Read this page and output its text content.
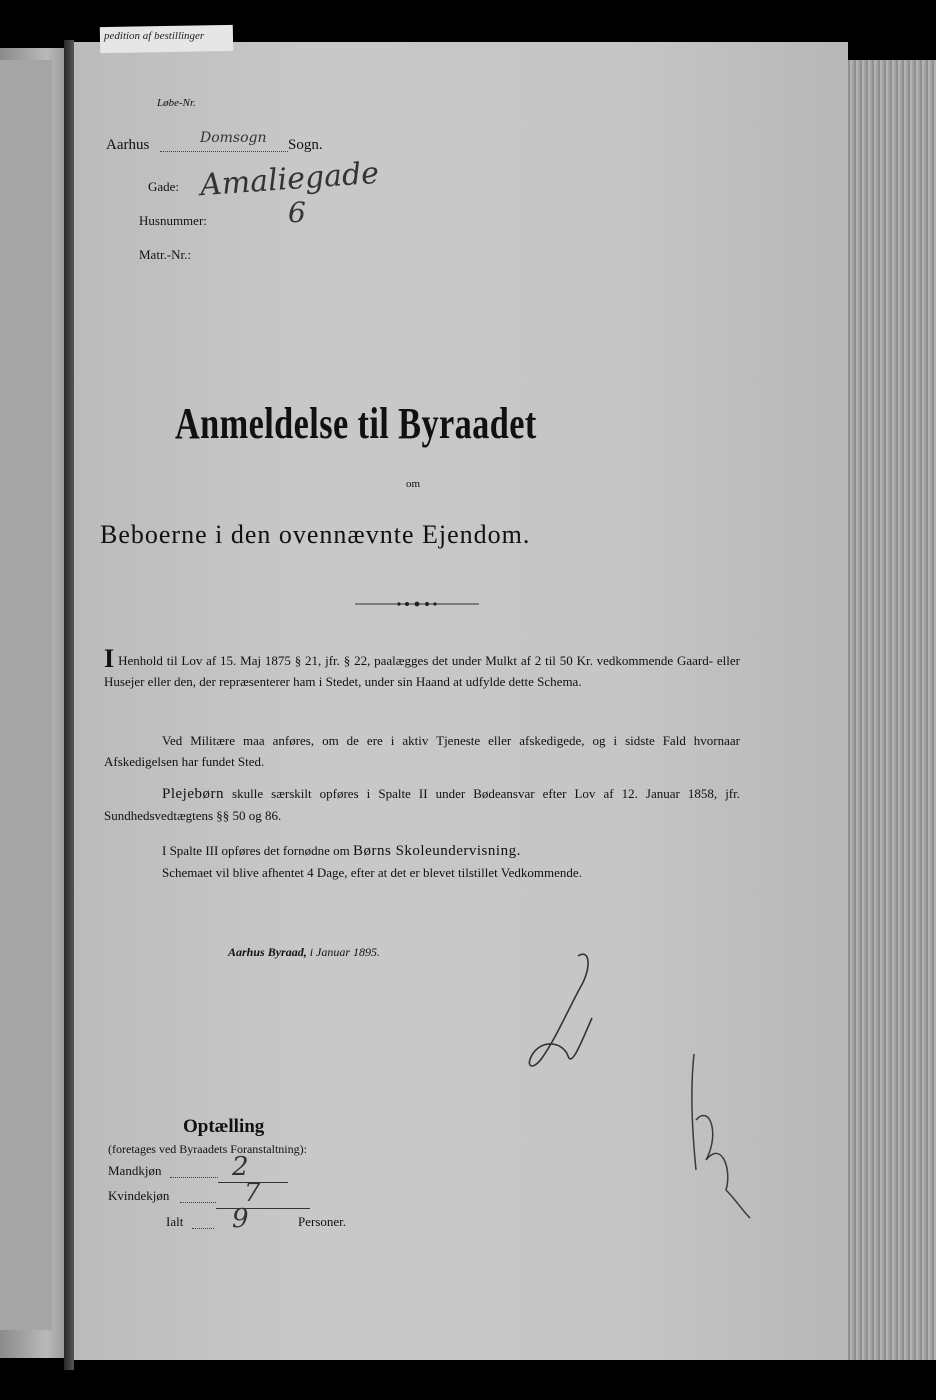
pedition af bestillinger
Løbe-Nr.
Aarhus	Domsogn Sogn.
Gade: Amaliegade
Husnummer:	6
Matr.-Nr.:
Anmeldelse til Byraadet
om
Beboerne i den ovennævnte Ejendom.
I Henhold til Lov af 15. Maj 1875 § 21, jfr. § 22, paalægges det under Mulkt af 2 til 50 Kr. vedkommende Gaard- eller Husejer eller den, der repræsenterer ham i Stedet, under sin Haand at udfylde dette Schema.
Ved Militære maa anføres, om de ere i aktiv Tjeneste eller afskedigede, og i sidste Fald hvornaar Afskedigelsen har fundet Sted.
Plejebørn skulle særskilt opføres i Spalte II under Bødeansvar efter Lov af 12. Januar 1858, jfr. Sundhedsvedtægtens §§ 50 og 86.
I Spalte III opføres det fornødne om Børns Skoleundervisning.
Schemaet vil blive afhentet 4 Dage, efter at det er blevet tilstillet Vedkommende.
Aarhus Byraad, i Januar 1895.
Optælling
(foretages ved Byraadets Foranstaltning):
Mandkjøn	2
Kvindekjøn	7
Ialt 9	Personer.
